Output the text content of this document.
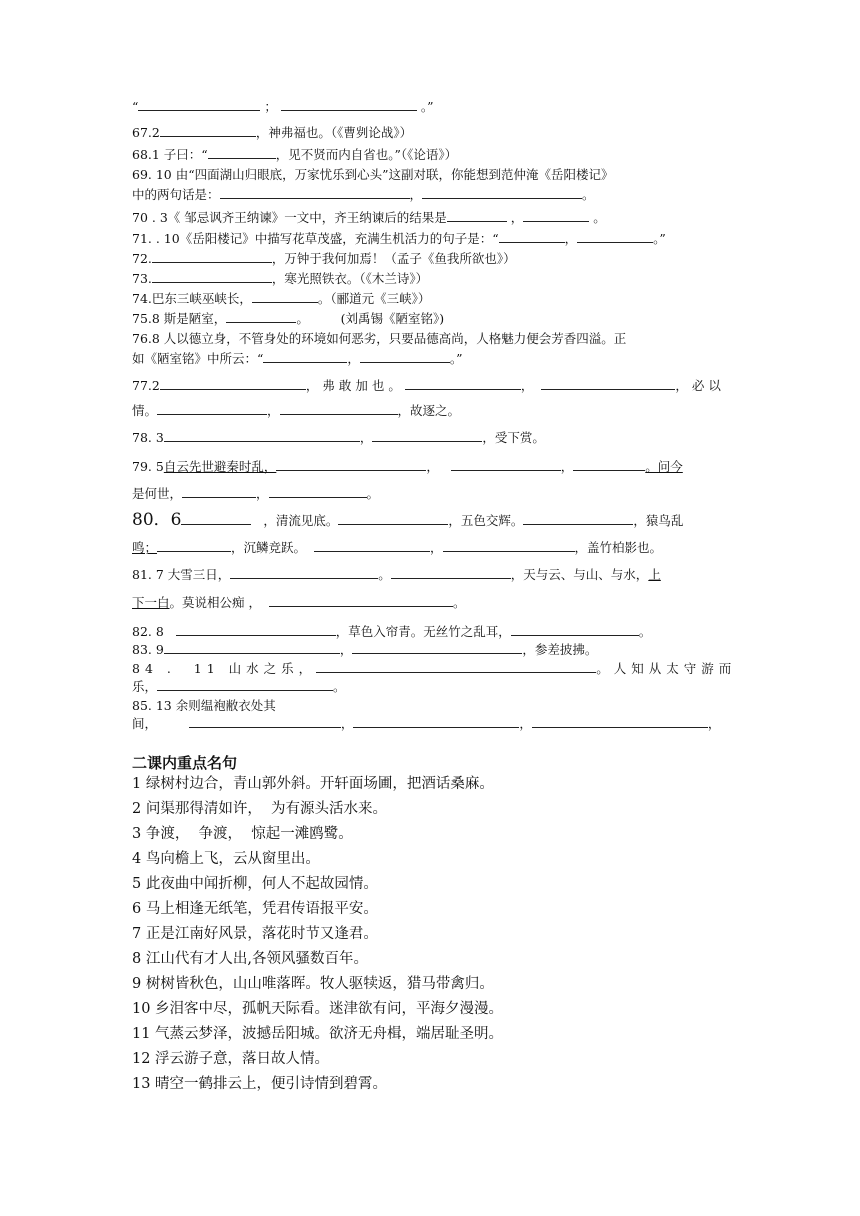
“	；	。”
67.2	，神弗福也。（《曹刿论战》）
68.1 子曰：“	，见不贤而内自省也。”（《论语》）
69. 10 由“四面湖山归眼底，万家忧乐到心头”这副对联，你能想到范仲淹《岳阳楼记》
中的两句话是：	，	。
70 . 3《 邹忌讽齐王纳谏》一文中，齐王纳谏后的结果是	，	。
71. . 10《岳阳楼记》中描写花草茂盛，充满生机活力的句子是：“	，	。”
72.	，万钟于我何加焉！（孟子《鱼我所欲也》）
73.	，寒光照铁衣。（《木兰诗》）
74.巴东三峡巫峡长，	。（郦道元《三峡》）
75.8 斯是陋室，	。	(刘禹锡《陋室铭》)
76.8 人以德立身，不管身处的环境如何恶劣，只要品德高尚，人格魅力便会芳香四溢。正
如《陋室铭》中所云：“	，	。”
77.2	，弗敢加也。	，	，必以
情。	，	，故逐之。
78. 3	，	，受下赏。
79. 5自云先世避秦时乱，	，	，	。问今
是何世，	，	。
80．6	，清流见底。	，五色交辉。	，猿鸟乱
鸣；	，沉鳞竞跃。	，	，盖竹柏影也。
81. 7 大雪三日，	。	，天与云、与山、与水，上
下一白。莫说相公痴 ，	。
82. 8	，草色入帘青。无丝竹之乱耳，	。
83. 9	，	，参差披拂。
84 .  11 山水之乐，	。人知从太守游而
乐，	。
85. 13 余则缊袍敝衣处其
间，	，	，	，
二课内重点名句
1 绿树村边合，青山郭外斜。开轩面场圃，把酒话桑麻。
2 问渠那得清如许，  为有源头活水来。
3 争渡，  争渡，  惊起一滩鸥鹭。
4 鸟向檐上飞，云从窗里出。
5 此夜曲中闻折柳，何人不起故园情。
6 马上相逢无纸笔，凭君传语报平安。
7 正是江南好风景，落花时节又逢君。
8 江山代有才人出,各领风骚数百年。
9 树树皆秋色，山山唯落晖。牧人驱犊返，猎马带禽归。
10 乡泪客中尽，孤帆天际看。迷津欲有问，平海夕漫漫。
11 气蒸云梦泽，波撼岳阳城。欲济无舟楫，端居耻圣明。
12 浮云游子意，落日故人情。
13 晴空一鹤排云上，便引诗情到碧霄。
